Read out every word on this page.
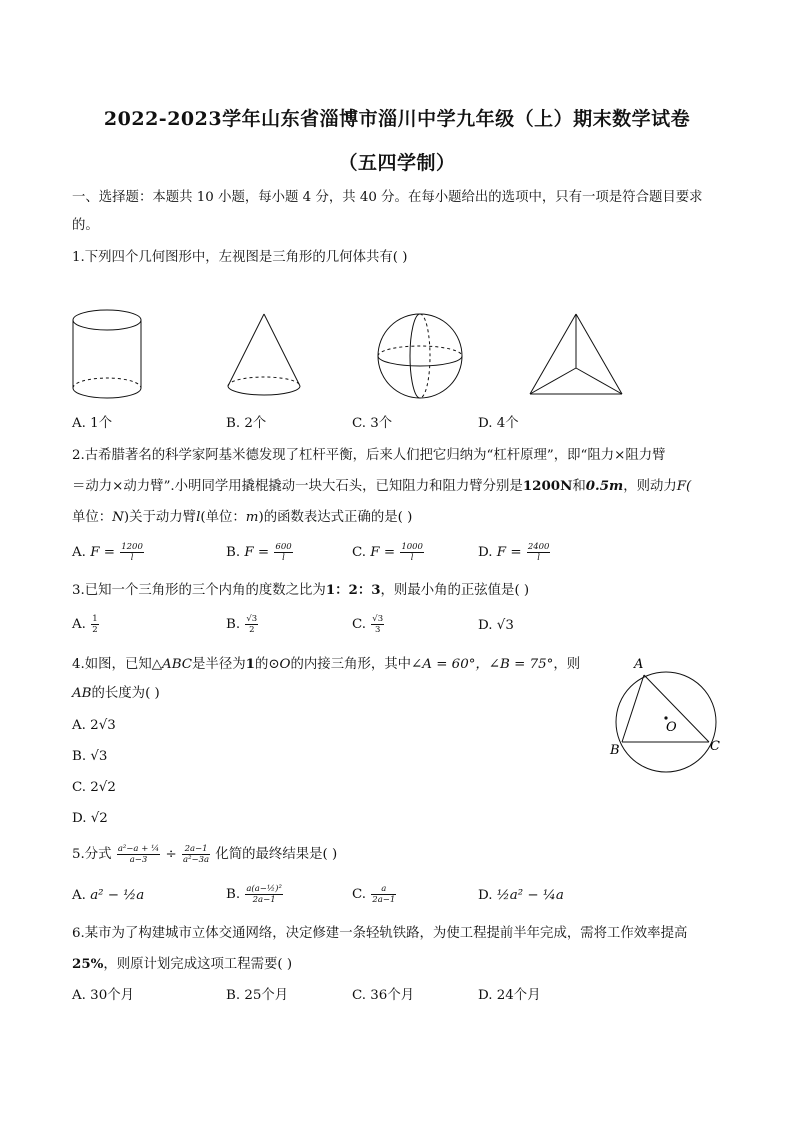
2022-2023学年山东省淄博市淄川中学九年级（上）期末数学试卷
（五四学制）
一、选择题：本题共 10 小题，每小题 4 分，共 40 分。在每小题给出的选项中，只有一项是符合题目要求
的。
1.下列四个几何图形中，左视图是三角形的几何体共有( )
A. 1个	B. 2个	C. 3个	D. 4个
2.古希腊著名的科学家阿基米德发现了杠杆平衡，后来人们把它归纳为“杠杆原理”，即“阻力×阻力臂
＝动力×动力臂”.小明同学用撬棍撬动一块大石头，已知阻力和阻力臂分别是1200N和0.5m，则动力F(
单位：N)关于动力臂l(单位：m)的函数表达式正确的是( )
A. $F = \frac{1200}{l}$	B. $F = \frac{600}{l}$	C. $F = \frac{1000}{l}$	D. $F = \frac{2400}{l}$
3.已知一个三角形的三个内角的度数之比为1：2：3，则最小角的正弦值是( )
A. $\frac{1}{2}$	B. $\frac{√3}{2}$	C. $\frac{√3}{3}$	D. √3
4.如图，已知△ABC是半径为1的⊙O的内接三角形，其中∠A = 60°，∠B = 75°，则
AB的长度为( )
A. 2√3
B. √3
C. 2√2
D. √2
A
B	C
O
5.分式 $\frac{\text{a²−a + ¼}}{a-3} \div \frac{2a-1}{\text{a²−3a}}$ 化简的最终结果是( )
A. a² − ½a	B. $\frac{\text{a(a−½)²}}{2a-1}$	C. $\frac{a}{2a-1}$	D. ½a² − ¼a
6.某市为了构建城市立体交通网络，决定修建一条轻轨铁路，为使工程提前半年完成，需将工作效率提高
25%，则原计划完成这项工程需要( )
A. 30个月	B. 25个月	C. 36个月	D. 24个月
